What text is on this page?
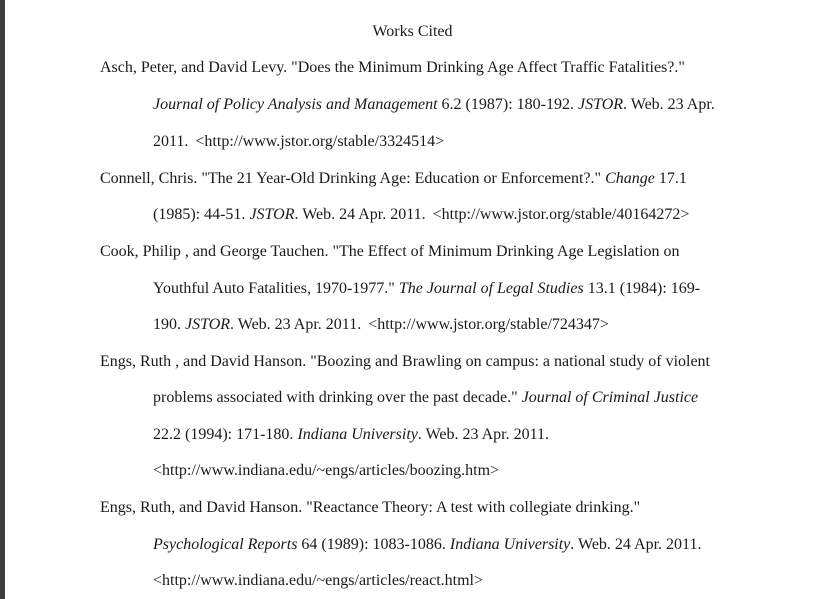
Works Cited
Asch, Peter, and David Levy. "Does the Minimum Drinking Age Affect Traffic Fatalities?."
Journal of Policy Analysis and Management 6.2 (1987): 180-192. JSTOR. Web. 23 Apr.
2011. <http://www.jstor.org/stable/3324514>
Connell, Chris. "The 21 Year-Old Drinking Age: Education or Enforcement?." Change 17.1
(1985): 44-51. JSTOR. Web. 24 Apr. 2011. <http://www.jstor.org/stable/40164272>
Cook, Philip , and George Tauchen. "The Effect of Minimum Drinking Age Legislation on
Youthful Auto Fatalities, 1970-1977." The Journal of Legal Studies 13.1 (1984): 169-
190. JSTOR. Web. 23 Apr. 2011. <http://www.jstor.org/stable/724347>
Engs, Ruth , and David Hanson. "Boozing and Brawling on campus: a national study of violent
problems associated with drinking over the past decade." Journal of Criminal Justice
22.2 (1994): 171-180. Indiana University. Web. 23 Apr. 2011.
<http://www.indiana.edu/~engs/articles/boozing.htm>
Engs, Ruth, and David Hanson. "Reactance Theory: A test with collegiate drinking."
Psychological Reports 64 (1989): 1083-1086. Indiana University. Web. 24 Apr. 2011.
<http://www.indiana.edu/~engs/articles/react.html>
